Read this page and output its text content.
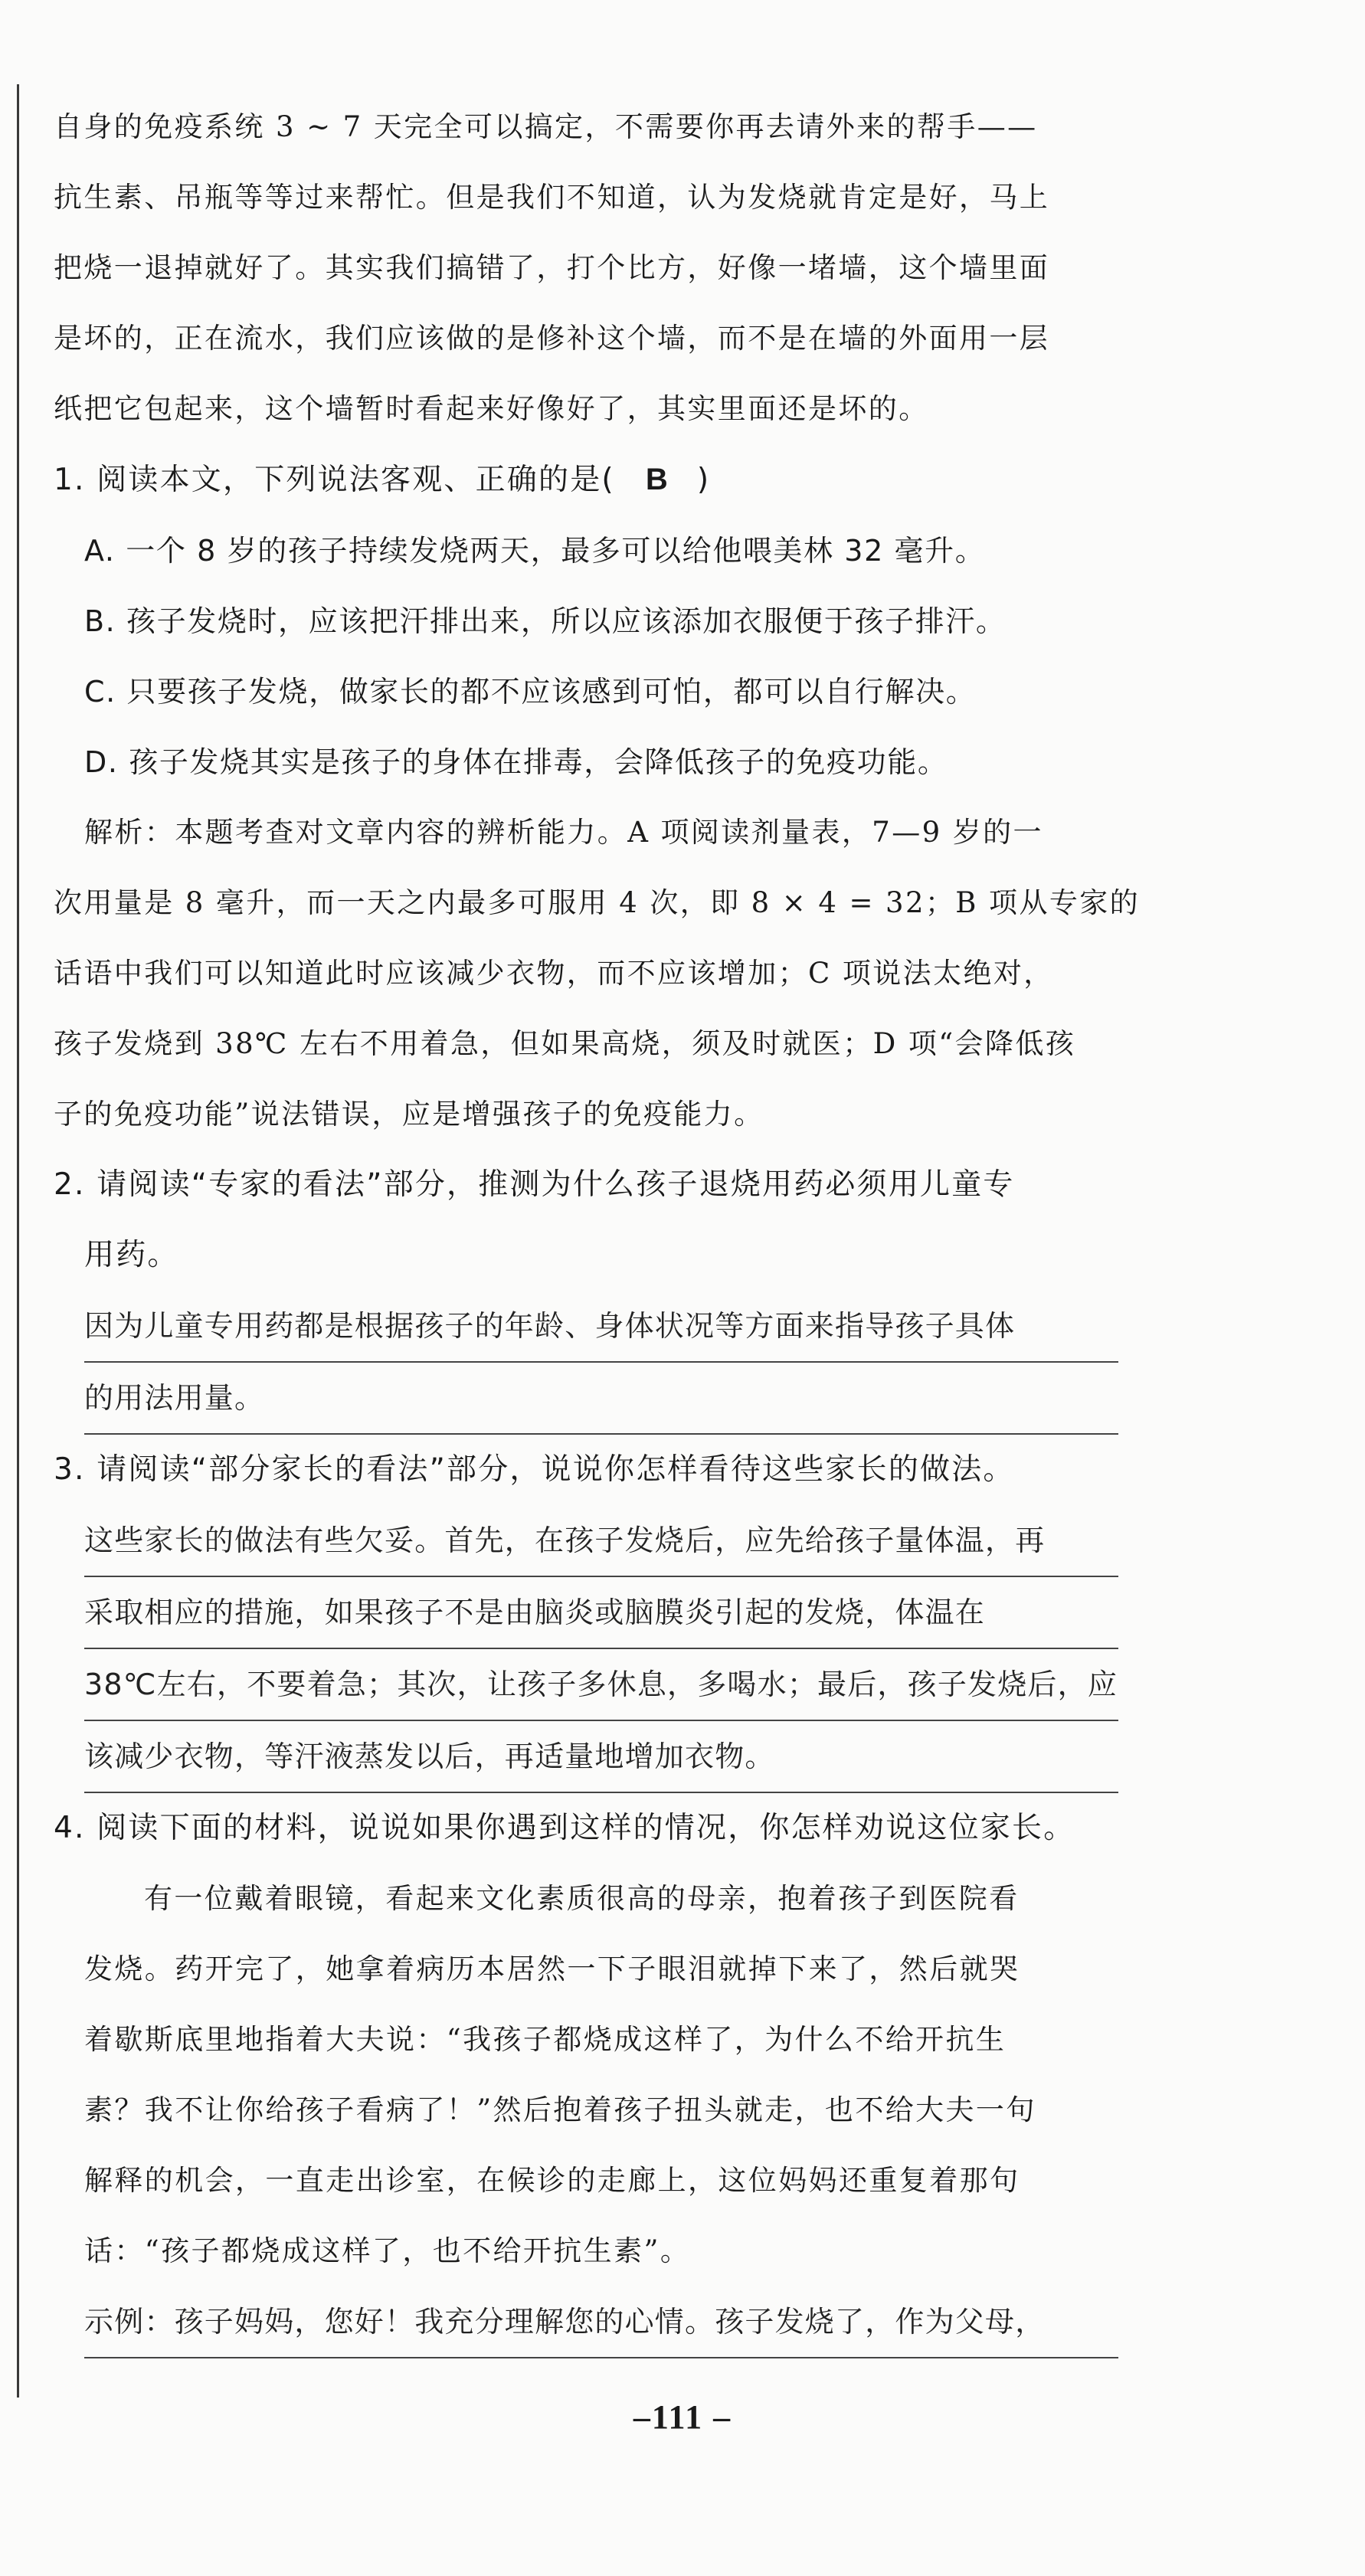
自身的免疫系统 3 ~ 7 天完全可以搞定，不需要你再去请外来的帮手——

抗生素、吊瓶等等过来帮忙。但是我们不知道，认为发烧就肯定是好，马上

把烧一退掉就好了。其实我们搞错了，打个比方，好像一堵墙，这个墙里面

是坏的，正在流水，我们应该做的是修补这个墙，而不是在墙的外面用一层

纸把它包起来，这个墙暂时看起来好像好了，其实里面还是坏的。

1. 阅读本文，下列说法客观、正确的是( B )

A. 一个 8 岁的孩子持续发烧两天，最多可以给他喂美林 32 毫升。

B. 孩子发烧时，应该把汗排出来，所以应该添加衣服便于孩子排汗。

C. 只要孩子发烧，做家长的都不应该感到可怕，都可以自行解决。

D. 孩子发烧其实是孩子的身体在排毒，会降低孩子的免疫功能。

解析：本题考查对文章内容的辨析能力。A 项阅读剂量表，7—9 岁的一

次用量是 8 毫升，而一天之内最多可服用 4 次，即 8 × 4 = 32；B 项从专家的

话语中我们可以知道此时应该减少衣物，而不应该增加；C 项说法太绝对，

孩子发烧到 38℃ 左右不用着急，但如果高烧，须及时就医；D 项“会降低孩

子的免疫功能”说法错误，应是增强孩子的免疫能力。

2. 请阅读“专家的看法”部分，推测为什么孩子退烧用药必须用儿童专

用药。

因为儿童专用药都是根据孩子的年龄、身体状况等方面来指导孩子具体

的用法用量。

3. 请阅读“部分家长的看法”部分，说说你怎样看待这些家长的做法。

这些家长的做法有些欠妥。首先，在孩子发烧后，应先给孩子量体温，再

采取相应的措施，如果孩子不是由脑炎或脑膜炎引起的发烧，体温在

38℃左右，不要着急；其次，让孩子多休息，多喝水；最后，孩子发烧后，应

该减少衣物，等汗液蒸发以后，再适量地增加衣物。

4. 阅读下面的材料，说说如果你遇到这样的情况，你怎样劝说这位家长。

有一位戴着眼镜，看起来文化素质很高的母亲，抱着孩子到医院看

发烧。药开完了，她拿着病历本居然一下子眼泪就掉下来了，然后就哭

着歇斯底里地指着大夫说：“我孩子都烧成这样了，为什么不给开抗生

素？我不让你给孩子看病了！”然后抱着孩子扭头就走，也不给大夫一句

解释的机会，一直走出诊室，在候诊的走廊上，这位妈妈还重复着那句

话：“孩子都烧成这样了，也不给开抗生素”。

示例：孩子妈妈，您好！我充分理解您的心情。孩子发烧了，作为父母，

–111 –
